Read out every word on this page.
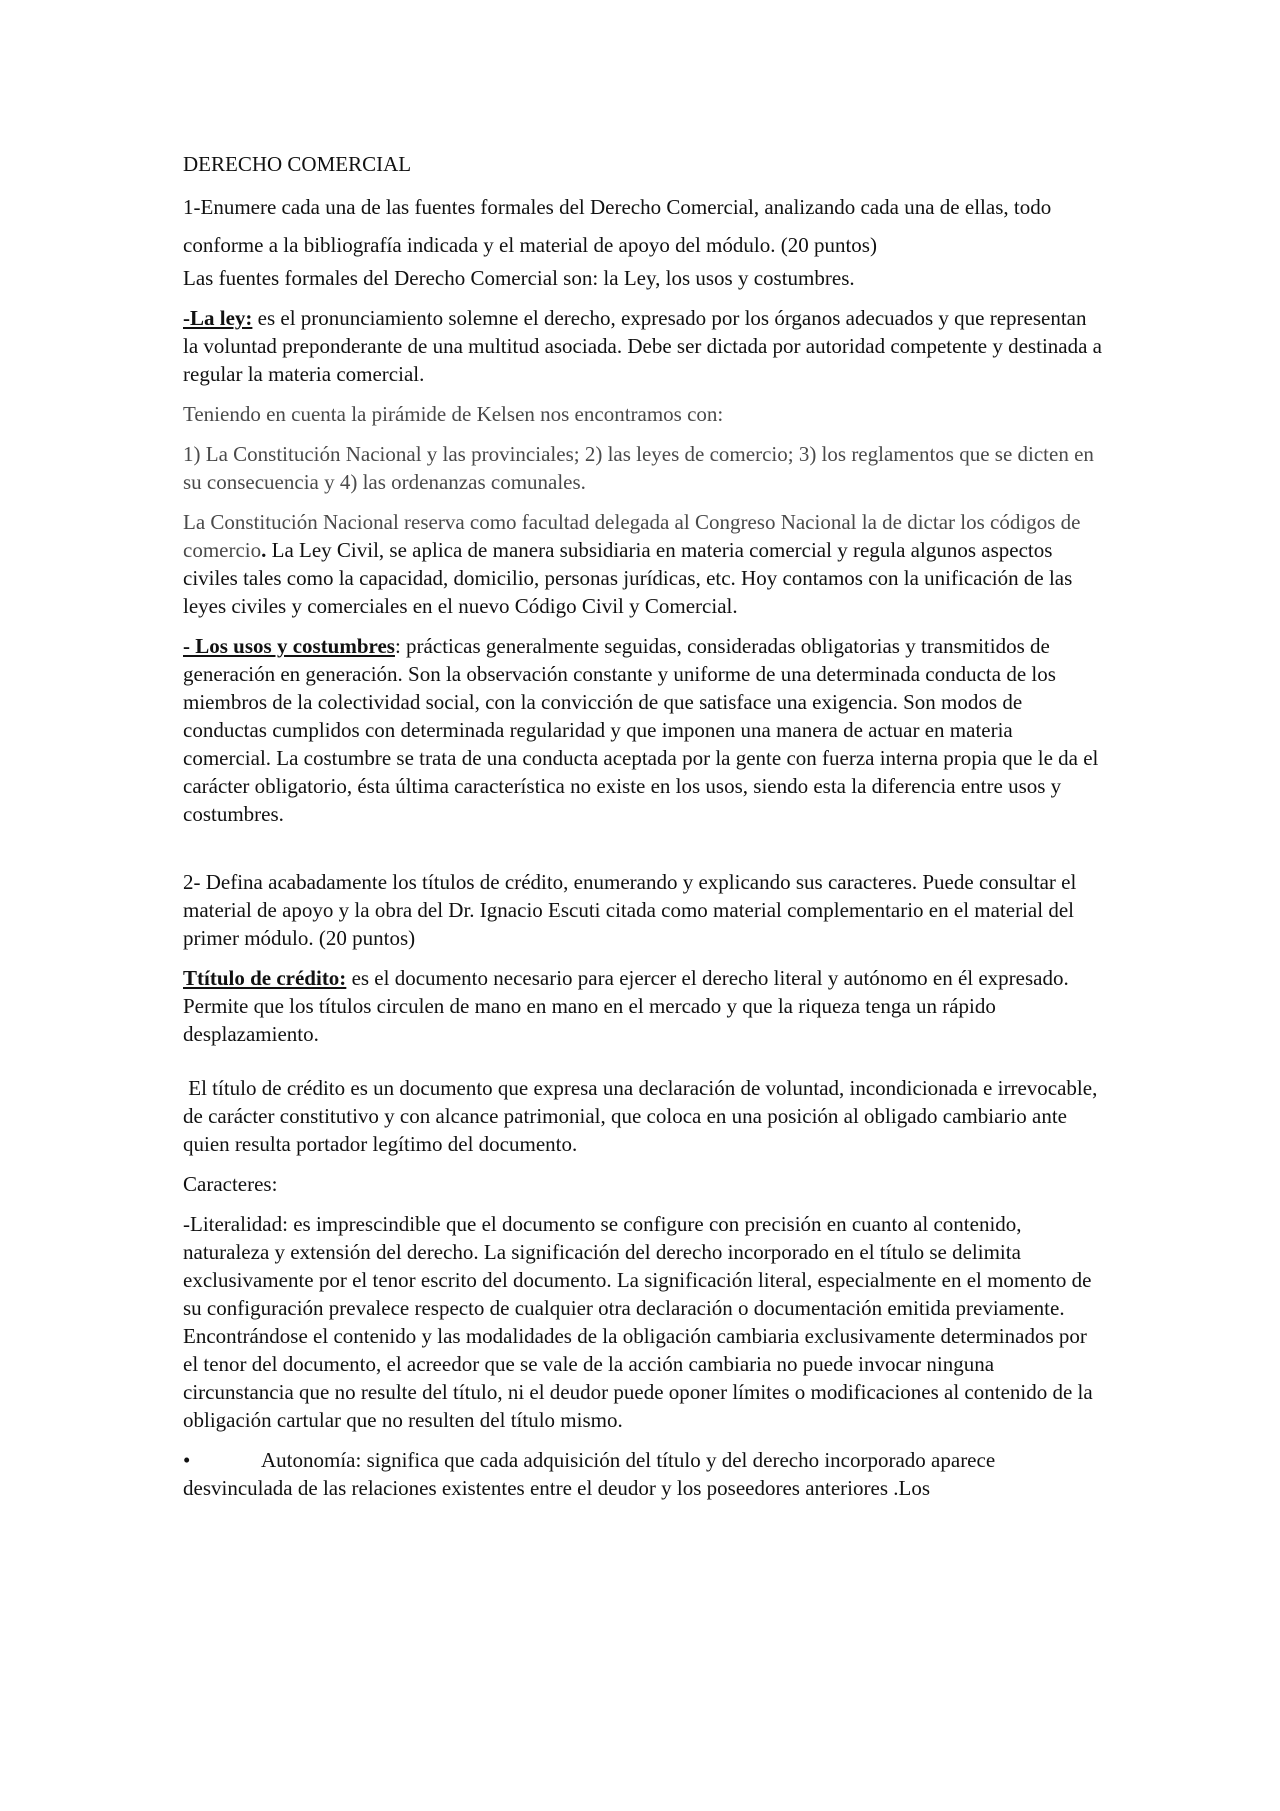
DERECHO COMERCIAL

1-Enumere cada una de las fuentes formales del Derecho Comercial, analizando cada una de ellas, todo conforme a la bibliografía indicada y el material de apoyo del módulo. (20 puntos)

Las fuentes formales del Derecho Comercial son: la Ley, los usos y costumbres.

-La ley: es el pronunciamiento solemne el derecho, expresado por los órganos adecuados y que representan la voluntad preponderante de una multitud asociada. Debe ser dictada por autoridad competente y destinada a regular la materia comercial.

Teniendo en cuenta la pirámide de Kelsen nos encontramos con:

1) La Constitución Nacional y las provinciales; 2) las leyes de comercio; 3) los reglamentos que se dicten en su consecuencia y 4) las ordenanzas comunales.

La Constitución Nacional reserva como facultad delegada al Congreso Nacional la de dictar los códigos de comercio. La Ley Civil, se aplica de manera subsidiaria en materia comercial y regula algunos aspectos civiles tales como la capacidad, domicilio, personas jurídicas, etc. Hoy contamos con la unificación de las leyes civiles y comerciales en el nuevo Código Civil y Comercial.

- Los usos y costumbres: prácticas generalmente seguidas, consideradas obligatorias y transmitidos de generación en generación. Son la observación constante y uniforme de una determinada conducta de los miembros de la colectividad social, con la convicción de que satisface una exigencia. Son modos de conductas cumplidos con determinada regularidad y que imponen una manera de actuar en materia comercial. La costumbre se trata de una conducta aceptada por la gente con fuerza interna propia que le da el carácter obligatorio, ésta última característica no existe en los usos, siendo esta la diferencia entre usos y costumbres.

2- Defina acabadamente los títulos de crédito, enumerando y explicando sus caracteres. Puede consultar el material de apoyo y la obra del Dr. Ignacio Escuti citada como material complementario en el material del primer módulo. (20 puntos)

Ttítulo de crédito: es el documento necesario para ejercer el derecho literal y autónomo en él expresado. Permite que los títulos circulen de mano en mano en el mercado y que la riqueza tenga un rápido desplazamiento.

El título de crédito es un documento que expresa una declaración de voluntad, incondicionada e irrevocable, de carácter constitutivo y con alcance patrimonial, que coloca en una posición al obligado cambiario ante quien resulta portador legítimo del documento.

Caracteres:

-Literalidad: es imprescindible que el documento se configure con precisión en cuanto al contenido, naturaleza y extensión del derecho. La significación del derecho incorporado en el título se delimita exclusivamente por el tenor escrito del documento. La significación literal, especialmente en el momento de su configuración prevalece respecto de cualquier otra declaración o documentación emitida previamente. Encontrándose el contenido y las modalidades de la obligación cambiaria exclusivamente determinados por el tenor del documento, el acreedor que se vale de la acción cambiaria no puede invocar ninguna circunstancia que no resulte del título, ni el deudor puede oponer límites o modificaciones al contenido de la obligación cartular que no resulten del título mismo.

•	Autonomía: significa que cada adquisición del título y del derecho incorporado aparece

desvinculada de las relaciones existentes entre el deudor y los poseedores anteriores .Los
